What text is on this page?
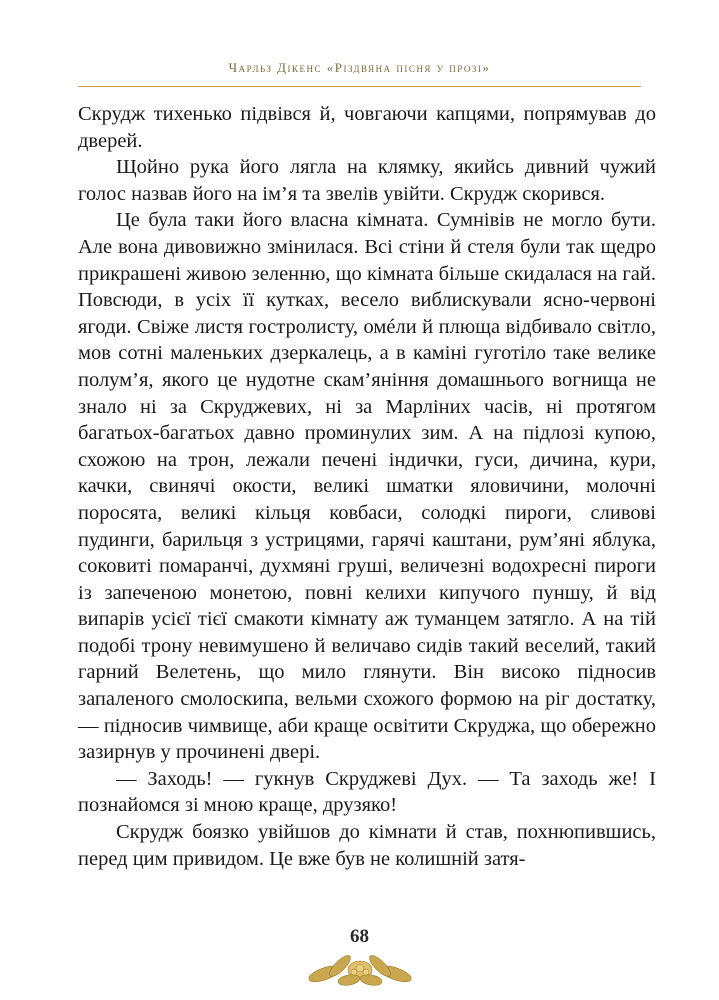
Чарльз Дікенс «Різдвяна пісня у прозі»

Скрудж тихенько підвівся й, човгаючи капцями, попрямував до дверей.

Щойно рука його лягла на клямку, якийсь дивний чужий голос назвав його на ім’я та звелів увійти. Скрудж скорився.

Це була таки його власна кімната. Сумнівів не могло бути. Але вона дивовижно змінилася. Всі стіни й стеля були так щедро прикрашені живою зеленню, що кімната більше скидалася на гай. Повсюди, в усіх її кутках, весело виблискували ясно-червоні ягоди. Свіже листя гостролисту, омéли й плюща відбивало світло, мов сотні маленьких дзеркалець, а в каміні гуготіло таке велике полум’я, якого це нудотне скам’яніння домашнього вогнища не знало ні за Скруджевих, ні за Марліних часів, ні протягом багатьох-багатьох давно проминулих зим. А на підлозі купою, схожою на трон, лежали печені індички, гуси, дичина, кури, качки, свинячі окости, великі шматки яловичини, молочні поросята, великі кільця ковбаси, солодкі пироги, сливові пудинги, барильця з устрицями, гарячі каштани, рум’яні яблука, соковиті помаранчі, духмяні груші, величезні водохресні пироги із запеченою монетою, повні келихи кипучого пуншу, й від випарів усієї тієї смакоти кімнату аж туманцем затягло. А на тій подобі трону невимушено й величаво сидів такий веселий, такий гарний Велетень, що мило глянути. Він високо підносив запаленого смолоскипа, вельми схожого формою на ріг достатку, — підносив чимвище, аби краще освітити Скруджа, що обережно зазирнув у прочинені двері.

— Заходь! — гукнув Скруджеві Дух. — Та заходь же! І познайомся зі мною краще, друзяко!

Скрудж боязко увійшов до кімнати й став, похнюпившись, перед цим привидом. Це вже був не колишній затя-

68
